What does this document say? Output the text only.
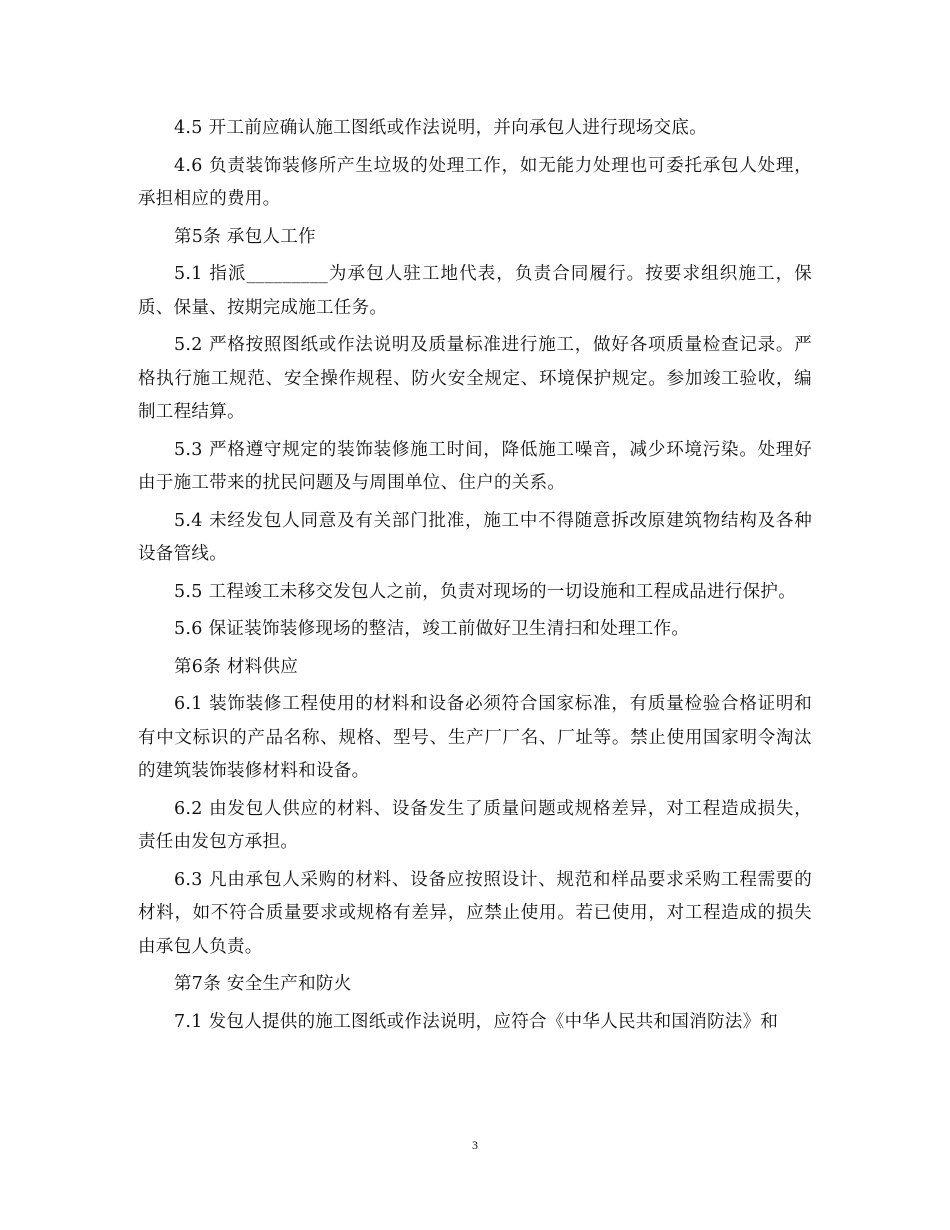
4.5 开工前应确认施工图纸或作法说明，并向承包人进行现场交底。

4.6 负责装饰装修所产生垃圾的处理工作，如无能力处理也可委托承包人处理，承担相应的费用。

第5条 承包人工作

5.1 指派_________为承包人驻工地代表，负责合同履行。按要求组织施工，保质、保量、按期完成施工任务。

5.2 严格按照图纸或作法说明及质量标准进行施工，做好各项质量检查记录。严格执行施工规范、安全操作规程、防火安全规定、环境保护规定。参加竣工验收，编制工程结算。

5.3 严格遵守规定的装饰装修施工时间，降低施工噪音，减少环境污染。处理好由于施工带来的扰民问题及与周围单位、住户的关系。

5.4 未经发包人同意及有关部门批准，施工中不得随意拆改原建筑物结构及各种设备管线。

5.5 工程竣工未移交发包人之前，负责对现场的一切设施和工程成品进行保护。

5.6 保证装饰装修现场的整洁，竣工前做好卫生清扫和处理工作。

第6条 材料供应

6.1 装饰装修工程使用的材料和设备必须符合国家标准，有质量检验合格证明和有中文标识的产品名称、规格、型号、生产厂厂名、厂址等。禁止使用国家明令淘汰的建筑装饰装修材料和设备。

6.2 由发包人供应的材料、设备发生了质量问题或规格差异，对工程造成损失，责任由发包方承担。

6.3 凡由承包人采购的材料、设备应按照设计、规范和样品要求采购工程需要的材料，如不符合质量要求或规格有差异，应禁止使用。若已使用，对工程造成的损失由承包人负责。

第7条 安全生产和防火

7.1 发包人提供的施工图纸或作法说明，应符合《中华人民共和国消防法》和

3
